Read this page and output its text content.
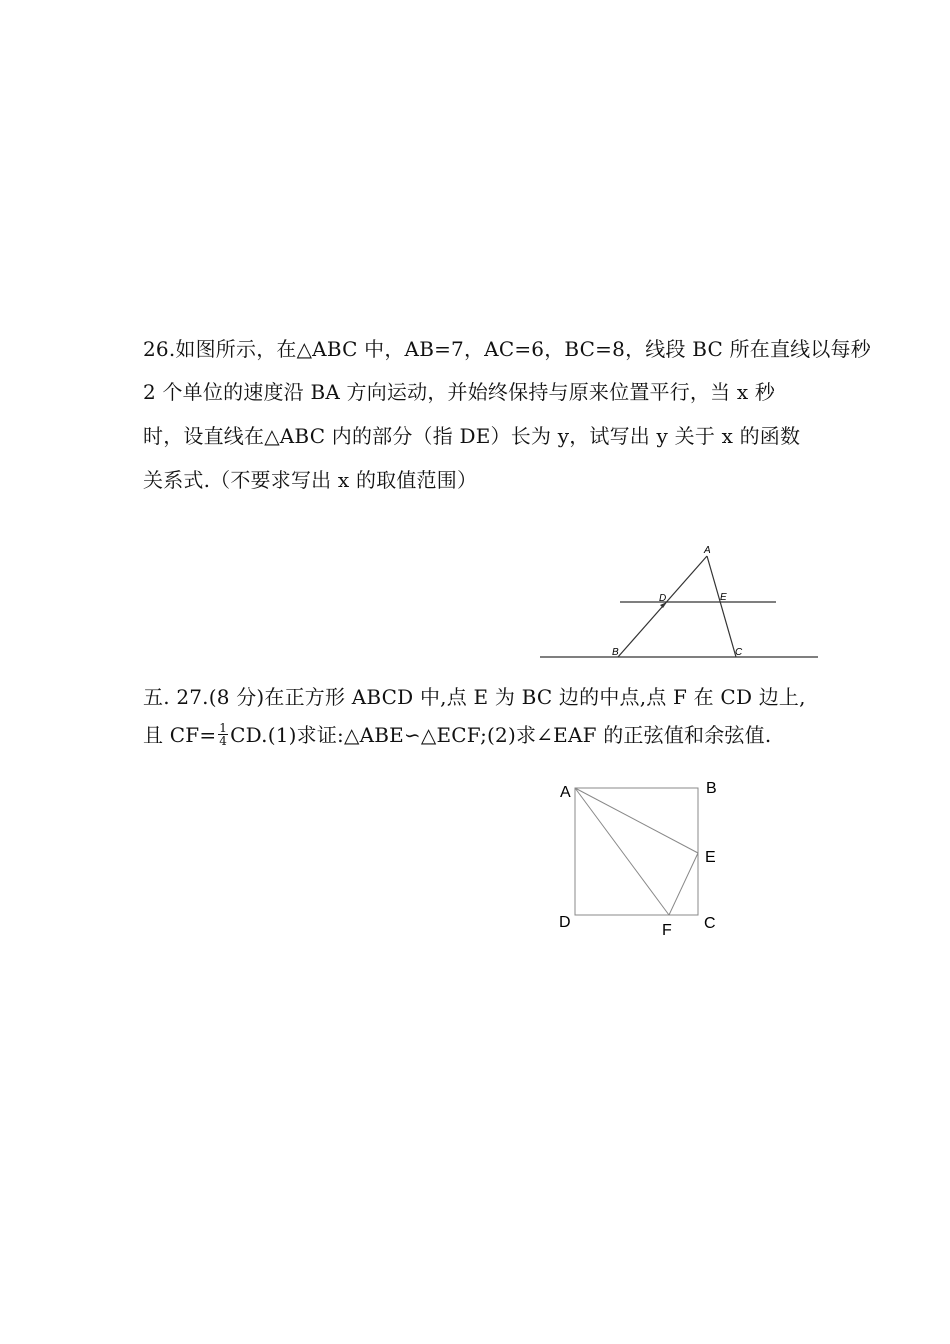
26.如图所示，在△ABC 中，AB=7，AC=6，BC=8，线段 BC 所在直线以每秒
2 个单位的速度沿 BA 方向运动，并始终保持与原来位置平行，当 x 秒
时，设直线在△ABC 内的部分（指 DE）长为 y，试写出 y 关于 x 的函数
关系式.（不要求写出 x 的取值范围）
A
D	E
B	C
五. 27.(8 分)在正方形 ABCD 中,点 E 为 BC 边的中点,点 F 在 CD 边上,
且 $CF= \frac{1}{4} CD.(1)$求证:△ABE∽△ECF;(2)求∠EAF 的正弦值和余弦值.
A	B
E
D	F C
